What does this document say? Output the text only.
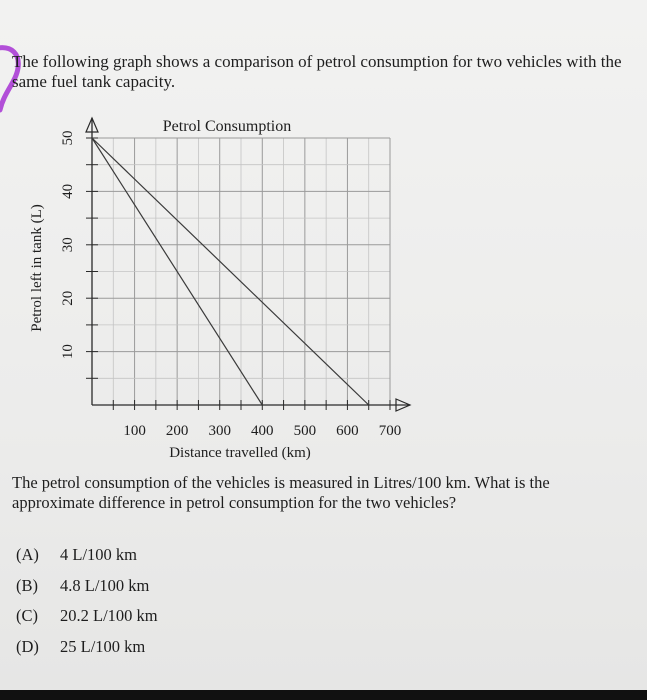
The following graph shows a comparison of petrol consumption for two vehicles with the same fuel tank capacity.

100 200 300 400 500 600 700
10
20
30
40
50
Petrol Consumption
Distance travelled (km)
Petrol left in tank (L)

The petrol consumption of the vehicles is measured in Litres/100 km. What is the approximate difference in petrol consumption for the two vehicles?

(A)	4 L/100 km
(B)	4.8 L/100 km
(C)	20.2 L/100 km
(D)	25 L/100 km
